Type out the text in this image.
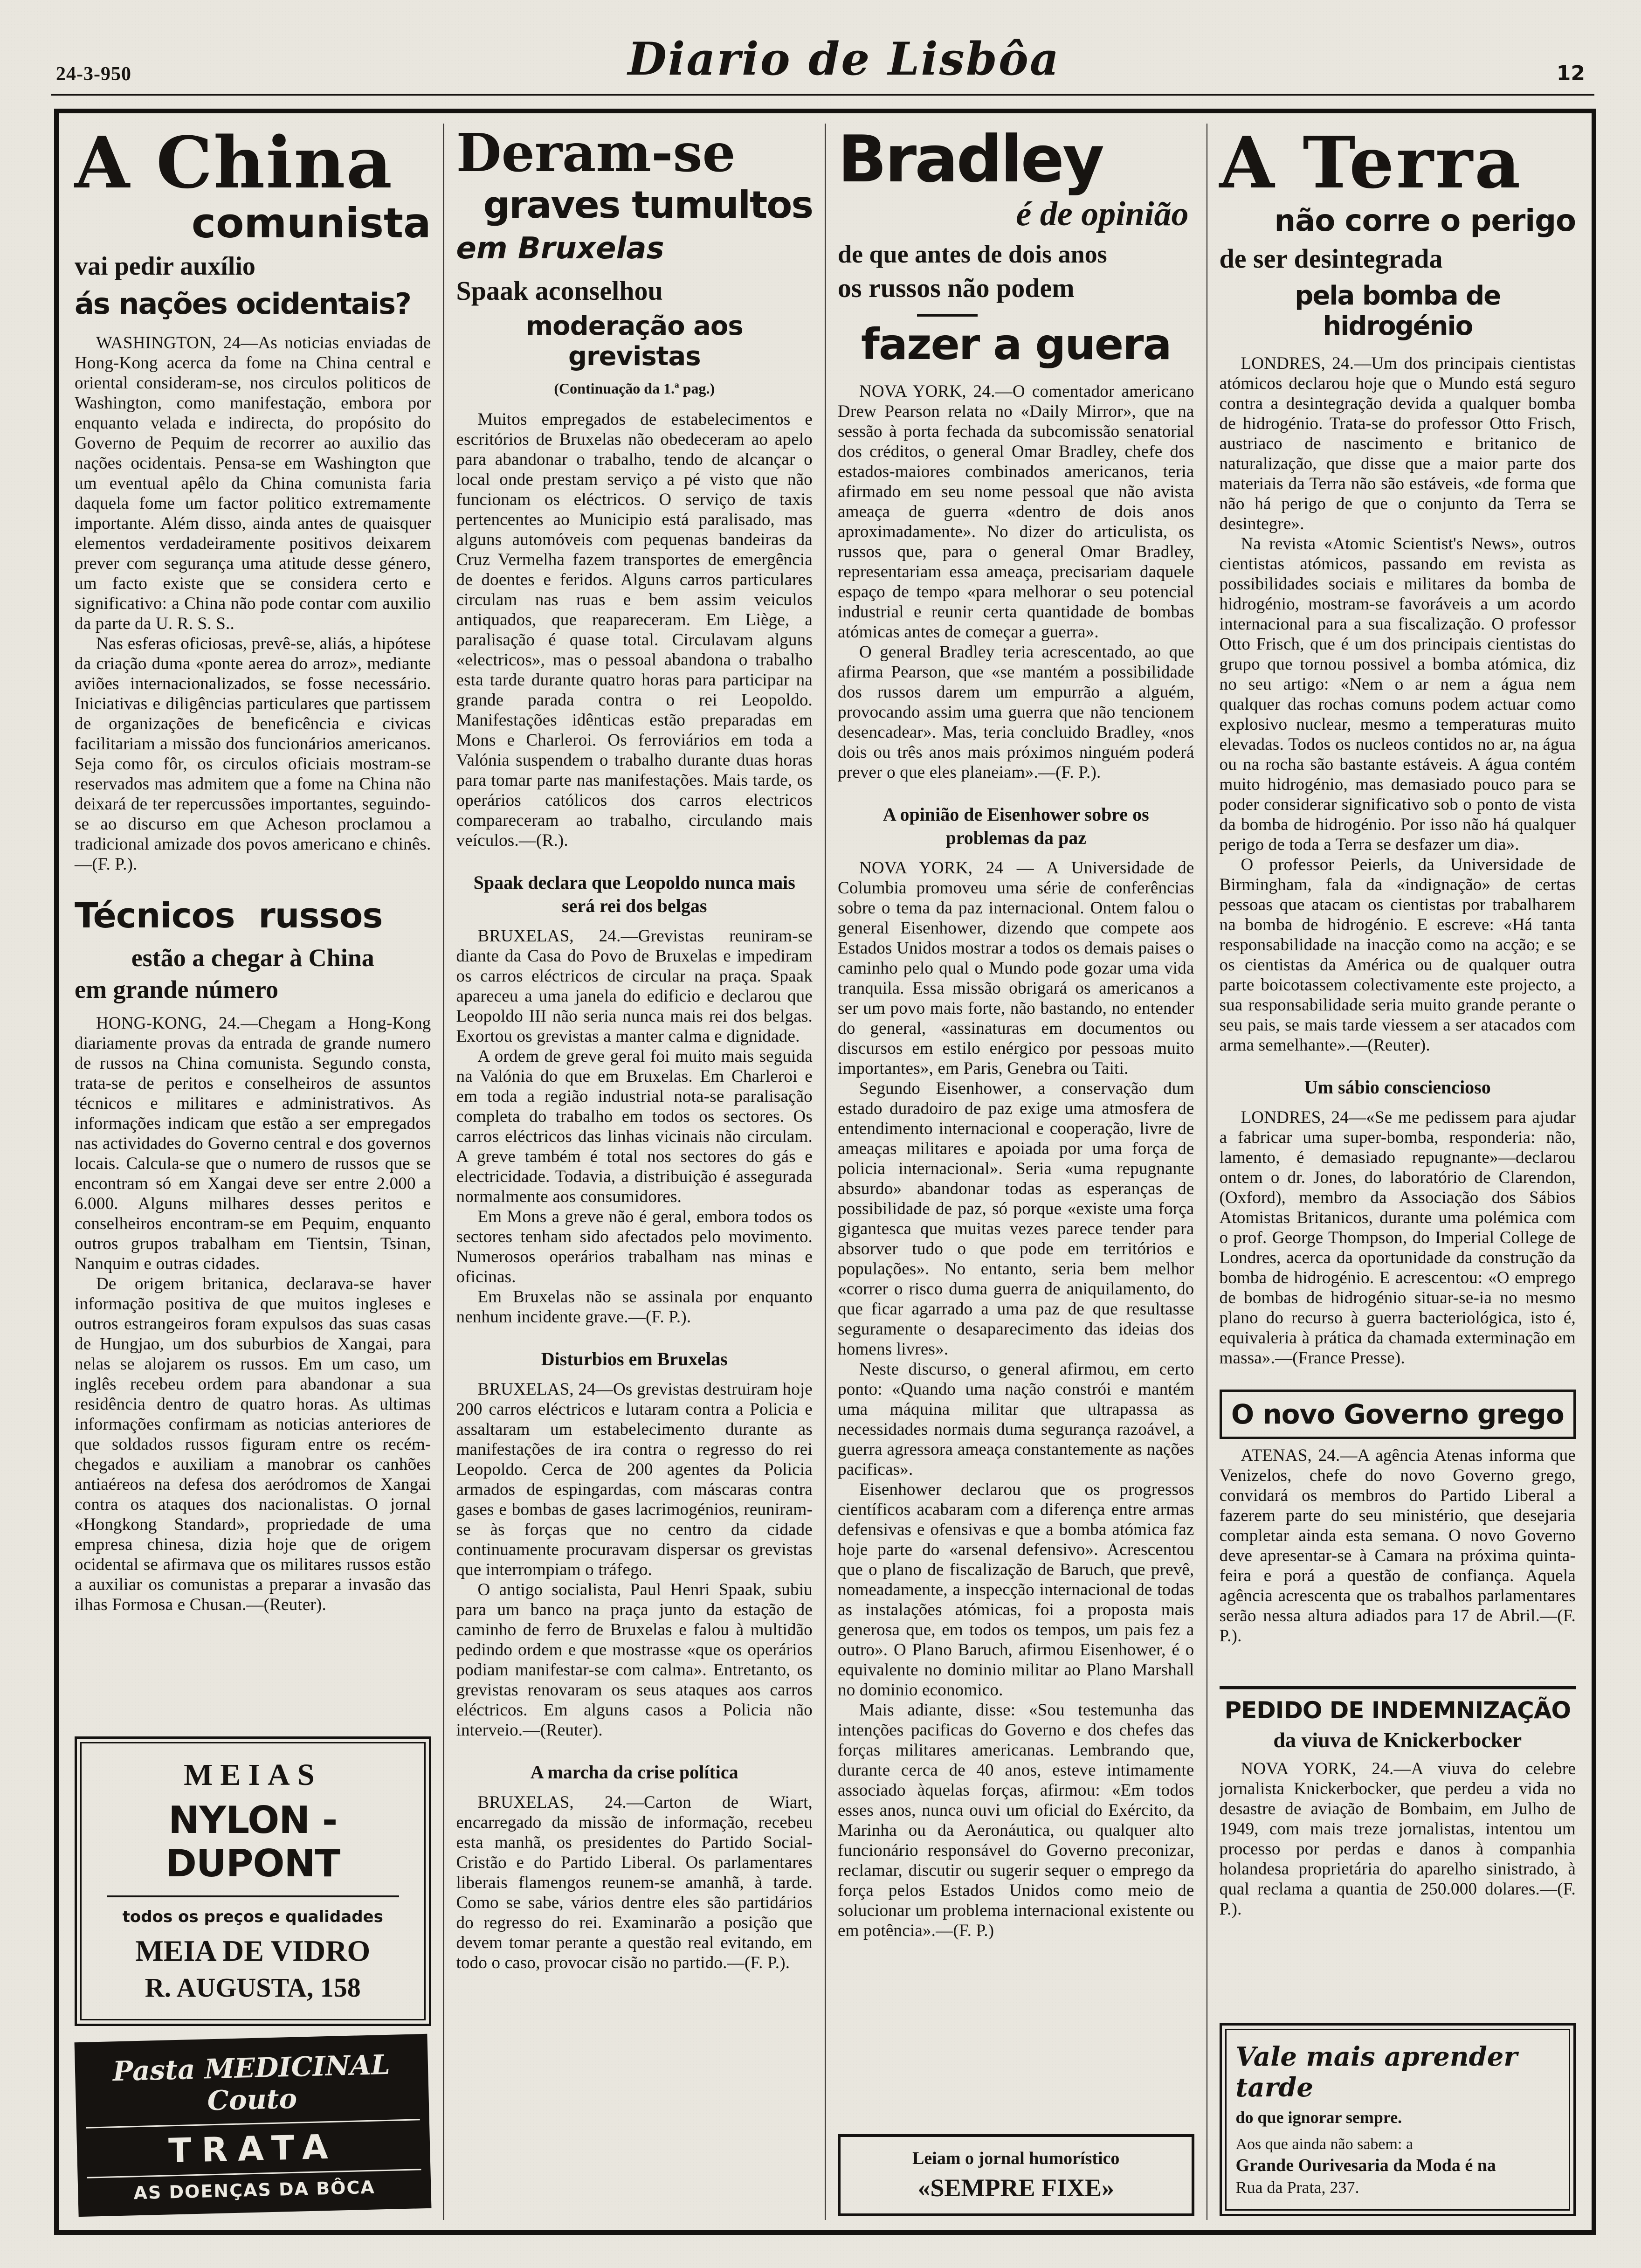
24-3-950	Diario de Lisbôa	12
A China
comunista
vai pedir auxílio
ás nações ocidentais?

WASHINGTON, 24—As noticias enviadas de Hong-Kong acerca da fome na China central e oriental consideram-se, nos circulos politicos de Washington, como manifestação, embora por enquanto velada e indirecta, do propósito do Governo de Pequim de recorrer ao auxilio das nações ocidentais. Pensa-se em Washington que um eventual apêlo da China comunista faria daquela fome um factor politico extremamente importante. Além disso, ainda antes de quaisquer elementos verdadeiramente positivos deixarem prever com segurança uma atitude desse género, um facto existe que se considera certo e significativo: a China não pode contar com auxilio da parte da U. R. S. S..

Nas esferas oficiosas, prevê-se, aliás, a hipótese da criação duma «ponte aerea do arroz», mediante aviões internacionalizados, se fosse necessário. Iniciativas e diligências particulares que partissem de organizações de beneficência e civicas facilitariam a missão dos funcionários americanos. Seja como fôr, os circulos oficiais mostram-se reservados mas admitem que a fome na China não deixará de ter repercussões importantes, seguindo-se ao discurso em que Acheson proclamou a tradicional amizade dos povos americano e chinês.—(F. P.).

Técnicos russos
estão a chegar à China
em grande número

HONG-KONG, 24.—Chegam a Hong-Kong diariamente provas da entrada de grande numero de russos na China comunista. Segundo consta, trata-se de peritos e conselheiros de assuntos técnicos e militares e administrativos. As informações indicam que estão a ser empregados nas actividades do Governo central e dos governos locais. Calcula-se que o numero de russos que se encontram só em Xangai deve ser entre 2.000 a 6.000. Alguns milhares desses peritos e conselheiros encontram-se em Pequim, enquanto outros grupos trabalham em Tientsin, Tsinan, Nanquim e outras cidades.

De origem britanica, declarava-se haver informação positiva de que muitos ingleses e outros estrangeiros foram expulsos das suas casas de Hungjao, um dos suburbios de Xangai, para nelas se alojarem os russos. Em um caso, um inglês recebeu ordem para abandonar a sua residência dentro de quatro horas. As ultimas informações confirmam as noticias anteriores de que soldados russos figuram entre os recém-chegados e auxiliam a manobrar os canhões antiaéreos na defesa dos aeródromos de Xangai contra os ataques dos nacionalistas. O jornal «Hongkong Standard», propriedade de uma empresa chinesa, dizia hoje que de origem ocidental se afirmava que os militares russos estão a auxiliar os comunistas a preparar a invasão das ilhas Formosa e Chusan.—(Reuter).

MEIAS
NYLON - DUPONT
todos os preços e qualidades
MEIA DE VIDRO
R. AUGUSTA, 158
Pasta MEDICINAL Couto
TRATA
AS DOENÇAS DA BÔCA
Deram-se
graves tumultos
em Bruxelas
Spaak aconselhou
moderação aos grevistas
(Continuação da 1.ª pag.)

Muitos empregados de estabelecimentos e escritórios de Bruxelas não obedeceram ao apelo para abandonar o trabalho, tendo de alcançar o local onde prestam serviço a pé visto que não funcionam os eléctricos. O serviço de taxis pertencentes ao Municipio está paralisado, mas alguns automóveis com pequenas bandeiras da Cruz Vermelha fazem transportes de emergência de doentes e feridos. Alguns carros particulares circulam nas ruas e bem assim veiculos antiquados, que reapareceram. Em Liège, a paralisação é quase total. Circulavam alguns «electricos», mas o pessoal abandona o trabalho esta tarde durante quatro horas para participar na grande parada contra o rei Leopoldo. Manifestações idênticas estão preparadas em Mons e Charleroi. Os ferroviários em toda a Valónia suspendem o trabalho durante duas horas para tomar parte nas manifestações. Mais tarde, os operários católicos dos carros electricos compareceram ao trabalho, circulando mais veículos.—(R.).

Spaak declara que Leopoldo nunca mais será rei dos belgas

BRUXELAS, 24.—Grevistas reuniram-se diante da Casa do Povo de Bruxelas e impediram os carros eléctricos de circular na praça. Spaak apareceu a uma janela do edificio e declarou que Leopoldo III não seria nunca mais rei dos belgas. Exortou os grevistas a manter calma e dignidade.

A ordem de greve geral foi muito mais seguida na Valónia do que em Bruxelas. Em Charleroi e em toda a região industrial nota-se paralisação completa do trabalho em todos os sectores. Os carros eléctricos das linhas vicinais não circulam. A greve também é total nos sectores do gás e electricidade. Todavia, a distribuição é assegurada normalmente aos consumidores.

Em Mons a greve não é geral, embora todos os sectores tenham sido afectados pelo movimento. Numerosos operários trabalham nas minas e oficinas.

Em Bruxelas não se assinala por enquanto nenhum incidente grave.—(F. P.).

Disturbios em Bruxelas

BRUXELAS, 24—Os grevistas destruiram hoje 200 carros eléctricos e lutaram contra a Policia e assaltaram um estabelecimento durante as manifestações de ira contra o regresso do rei Leopoldo. Cerca de 200 agentes da Policia armados de espingardas, com máscaras contra gases e bombas de gases lacrimogénios, reuniram-se às forças que no centro da cidade continuamente procuravam dispersar os grevistas que interrompiam o tráfego.

O antigo socialista, Paul Henri Spaak, subiu para um banco na praça junto da estação de caminho de ferro de Bruxelas e falou à multidão pedindo ordem e que mostrasse «que os operários podiam manifestar-se com calma». Entretanto, os grevistas renovaram os seus ataques aos carros eléctricos. Em alguns casos a Policia não interveio.—(Reuter).

A marcha da crise política

BRUXELAS, 24.—Carton de Wiart, encarregado da missão de informação, recebeu esta manhã, os presidentes do Partido Social-Cristão e do Partido Liberal. Os parlamentares liberais flamengos reunem-se amanhã, à tarde. Como se sabe, vários dentre eles são partidários do regresso do rei. Examinarão a posição que devem tomar perante a questão real evitando, em todo o caso, provocar cisão no partido.—(F. P.).

Bradley
é de opinião
de que antes de dois anos
os russos não podem
fazer a guera

NOVA YORK, 24.—O comentador americano Drew Pearson relata no «Daily Mirror», que na sessão à porta fechada da subcomissão senatorial dos créditos, o general Omar Bradley, chefe dos estados-maiores combinados americanos, teria afirmado em seu nome pessoal que não avista ameaça de guerra «dentro de dois anos aproximadamente». No dizer do articulista, os russos que, para o general Omar Bradley, representariam essa ameaça, precisariam daquele espaço de tempo «para melhorar o seu potencial industrial e reunir certa quantidade de bombas atómicas antes de começar a guerra».

O general Bradley teria acrescentado, ao que afirma Pearson, que «se mantém a possibilidade dos russos darem um empurrão a alguém, provocando assim uma guerra que não tencionem desencadear». Mas, teria concluido Bradley, «nos dois ou três anos mais próximos ninguém poderá prever o que eles planeiam».—(F. P.).

A opinião de Eisenhower sobre os problemas da paz

NOVA YORK, 24 — A Universidade de Columbia promoveu uma série de conferências sobre o tema da paz internacional. Ontem falou o general Eisenhower, dizendo que compete aos Estados Unidos mostrar a todos os demais paises o caminho pelo qual o Mundo pode gozar uma vida tranquila. Essa missão obrigará os americanos a ser um povo mais forte, não bastando, no entender do general, «assinaturas em documentos ou discursos em estilo enérgico por pessoas muito importantes», em Paris, Genebra ou Taiti.

Segundo Eisenhower, a conservação dum estado duradoiro de paz exige uma atmosfera de entendimento internacional e cooperação, livre de ameaças militares e apoiada por uma força de policia internacional». Seria «uma repugnante absurdo» abandonar todas as esperanças de possibilidade de paz, só porque «existe uma força gigantesca que muitas vezes parece tender para absorver tudo o que pode em territórios e populações». No entanto, seria bem melhor «correr o risco duma guerra de aniquilamento, do que ficar agarrado a uma paz de que resultasse seguramente o desaparecimento das ideias dos homens livres».

Neste discurso, o general afirmou, em certo ponto: «Quando uma nação constrói e mantém uma máquina militar que ultrapassa as necessidades normais duma segurança razoável, a guerra agressora ameaça constantemente as nações pacificas».

Eisenhower declarou que os progressos científicos acabaram com a diferença entre armas defensivas e ofensivas e que a bomba atómica faz hoje parte do «arsenal defensivo». Acrescentou que o plano de fiscalização de Baruch, que prevê, nomeadamente, a inspecção internacional de todas as instalações atómicas, foi a proposta mais generosa que, em todos os tempos, um pais fez a outro». O Plano Baruch, afirmou Eisenhower, é o equivalente no dominio militar ao Plano Marshall no dominio economico.

Mais adiante, disse: «Sou testemunha das intenções pacificas do Governo e dos chefes das forças militares americanas. Lembrando que, durante cerca de 40 anos, esteve intimamente associado àquelas forças, afirmou: «Em todos esses anos, nunca ouvi um oficial do Exército, da Marinha ou da Aeronáutica, ou qualquer alto funcionário responsável do Governo preconizar, reclamar, discutir ou sugerir sequer o emprego da força pelos Estados Unidos como meio de solucionar um problema internacional existente ou em potência».—(F. P.)

Leiam o jornal humorístico
«SEMPRE FIXE»
A Terra
não corre o perigo
de ser desintegrada
pela bomba de hidrogénio

LONDRES, 24.—Um dos principais cientistas atómicos declarou hoje que o Mundo está seguro contra a desintegração devida a qualquer bomba de hidrogénio. Trata-se do professor Otto Frisch, austriaco de nascimento e britanico de naturalização, que disse que a maior parte dos materiais da Terra não são estáveis, «de forma que não há perigo de que o conjunto da Terra se desintegre».

Na revista «Atomic Scientist's News», outros cientistas atómicos, passando em revista as possibilidades sociais e militares da bomba de hidrogénio, mostram-se favoráveis a um acordo internacional para a sua fiscalização. O professor Otto Frisch, que é um dos principais cientistas do grupo que tornou possivel a bomba atómica, diz no seu artigo: «Nem o ar nem a água nem qualquer das rochas comuns podem actuar como explosivo nuclear, mesmo a temperaturas muito elevadas. Todos os nucleos contidos no ar, na água ou na rocha são bastante estáveis. A água contém muito hidrogénio, mas demasiado pouco para se poder considerar significativo sob o ponto de vista da bomba de hidrogénio. Por isso não há qualquer perigo de toda a Terra se desfazer um dia».

O professor Peierls, da Universidade de Birmingham, fala da «indignação» de certas pessoas que atacam os cientistas por trabalharem na bomba de hidrogénio. E escreve: «Há tanta responsabilidade na inacção como na acção; e se os cientistas da América ou de qualquer outra parte boicotassem colectivamente este projecto, a sua responsabilidade seria muito grande perante o seu pais, se mais tarde viessem a ser atacados com arma semelhante».—(Reuter).

Um sábio consciencioso

LONDRES, 24—«Se me pedissem para ajudar a fabricar uma super-bomba, responderia: não, lamento, é demasiado repugnante»—declarou ontem o dr. Jones, do laboratório de Clarendon, (Oxford), membro da Associação dos Sábios Atomistas Britanicos, durante uma polémica com o prof. George Thompson, do Imperial College de Londres, acerca da oportunidade da construção da bomba de hidrogénio. E acrescentou: «O emprego de bombas de hidrogénio situar-se-ia no mesmo plano do recurso à guerra bacteriológica, isto é, equivaleria à prática da chamada exterminação em massa».—(France Presse).

O novo Governo grego

ATENAS, 24.—A agência Atenas informa que Venizelos, chefe do novo Governo grego, convidará os membros do Partido Liberal a fazerem parte do seu ministério, que desejaria completar ainda esta semana. O novo Governo deve apresentar-se à Camara na próxima quinta-feira e porá a questão de confiança. Aquela agência acrescenta que os trabalhos parlamentares serão nessa altura adiados para 17 de Abril.—(F. P.).

PEDIDO DE INDEMNIZAÇÃO
da viuva de Knickerbocker

NOVA YORK, 24.—A viuva do celebre jornalista Knickerbocker, que perdeu a vida no desastre de aviação de Bombaim, em Julho de 1949, com mais treze jornalistas, intentou um processo por perdas e danos à companhia holandesa proprietária do aparelho sinistrado, à qual reclama a quantia de 250.000 dolares.—(F. P.).

Vale mais aprender tarde
do que ignorar sempre.
Aos que ainda não sabem: a
Grande Ourivesaria da Moda é na
Rua da Prata, 237.
